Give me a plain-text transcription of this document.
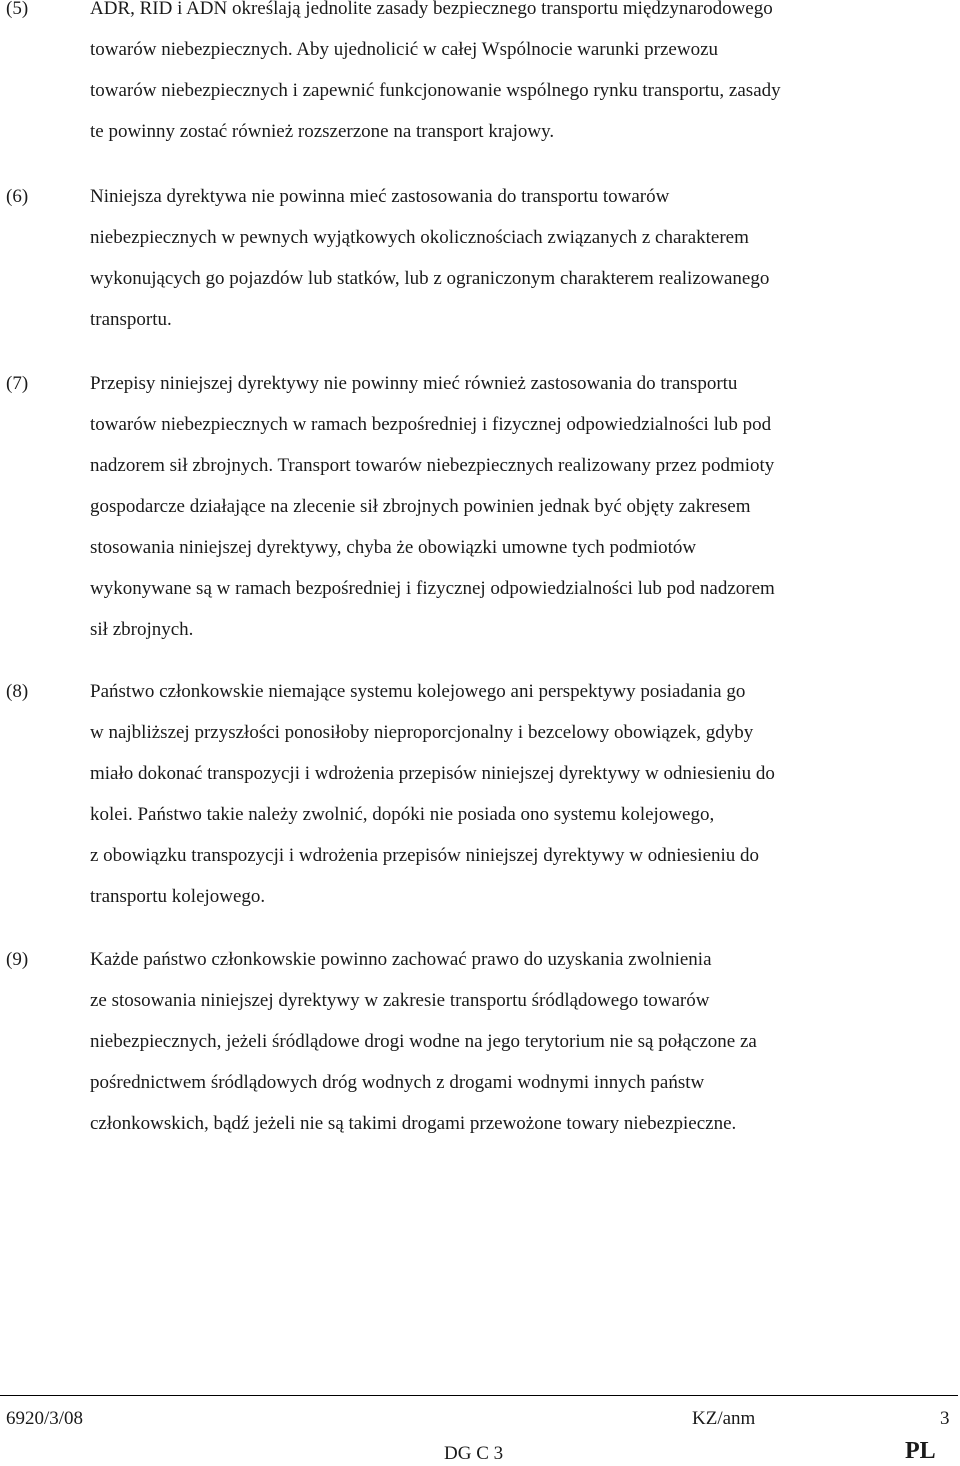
(5)	ADR, RID i ADN określają jednolite zasady bezpiecznego transportu międzynarodowego
towarów niebezpiecznych. Aby ujednolicić w całej Wspólnocie warunki przewozu
towarów niebezpiecznych i zapewnić funkcjonowanie wspólnego rynku transportu, zasady
te powinny zostać również rozszerzone na transport krajowy.
(6)	Niniejsza dyrektywa nie powinna mieć zastosowania do transportu towarów
niebezpiecznych w pewnych wyjątkowych okolicznościach związanych z charakterem
wykonujących go pojazdów lub statków, lub z ograniczonym charakterem realizowanego
transportu.
(7)	Przepisy niniejszej dyrektywy nie powinny mieć również zastosowania do transportu
towarów niebezpiecznych w ramach bezpośredniej i fizycznej odpowiedzialności lub pod
nadzorem sił zbrojnych. Transport towarów niebezpiecznych realizowany przez podmioty
gospodarcze działające na zlecenie sił zbrojnych powinien jednak być objęty zakresem
stosowania niniejszej dyrektywy, chyba że obowiązki umowne tych podmiotów
wykonywane są w ramach bezpośredniej i fizycznej odpowiedzialności lub pod nadzorem
sił zbrojnych.
(8)	Państwo członkowskie niemające systemu kolejowego ani perspektywy posiadania go
w najbliższej przyszłości ponosiłoby nieproporcjonalny i bezcelowy obowiązek, gdyby
miało dokonać transpozycji i wdrożenia przepisów niniejszej dyrektywy w odniesieniu do
kolei. Państwo takie należy zwolnić, dopóki nie posiada ono systemu kolejowego,
z obowiązku transpozycji i wdrożenia przepisów niniejszej dyrektywy w odniesieniu do
transportu kolejowego.
(9)	Każde państwo członkowskie powinno zachować prawo do uzyskania zwolnienia
ze stosowania niniejszej dyrektywy w zakresie transportu śródlądowego towarów
niebezpiecznych, jeżeli śródlądowe drogi wodne na jego terytorium nie są połączone za
pośrednictwem śródlądowych dróg wodnych z drogami wodnymi innych państw
członkowskich, bądź jeżeli nie są takimi drogami przewożone towary niebezpieczne.
6920/3/08	KZ/anm	3
DG C 3	PL
